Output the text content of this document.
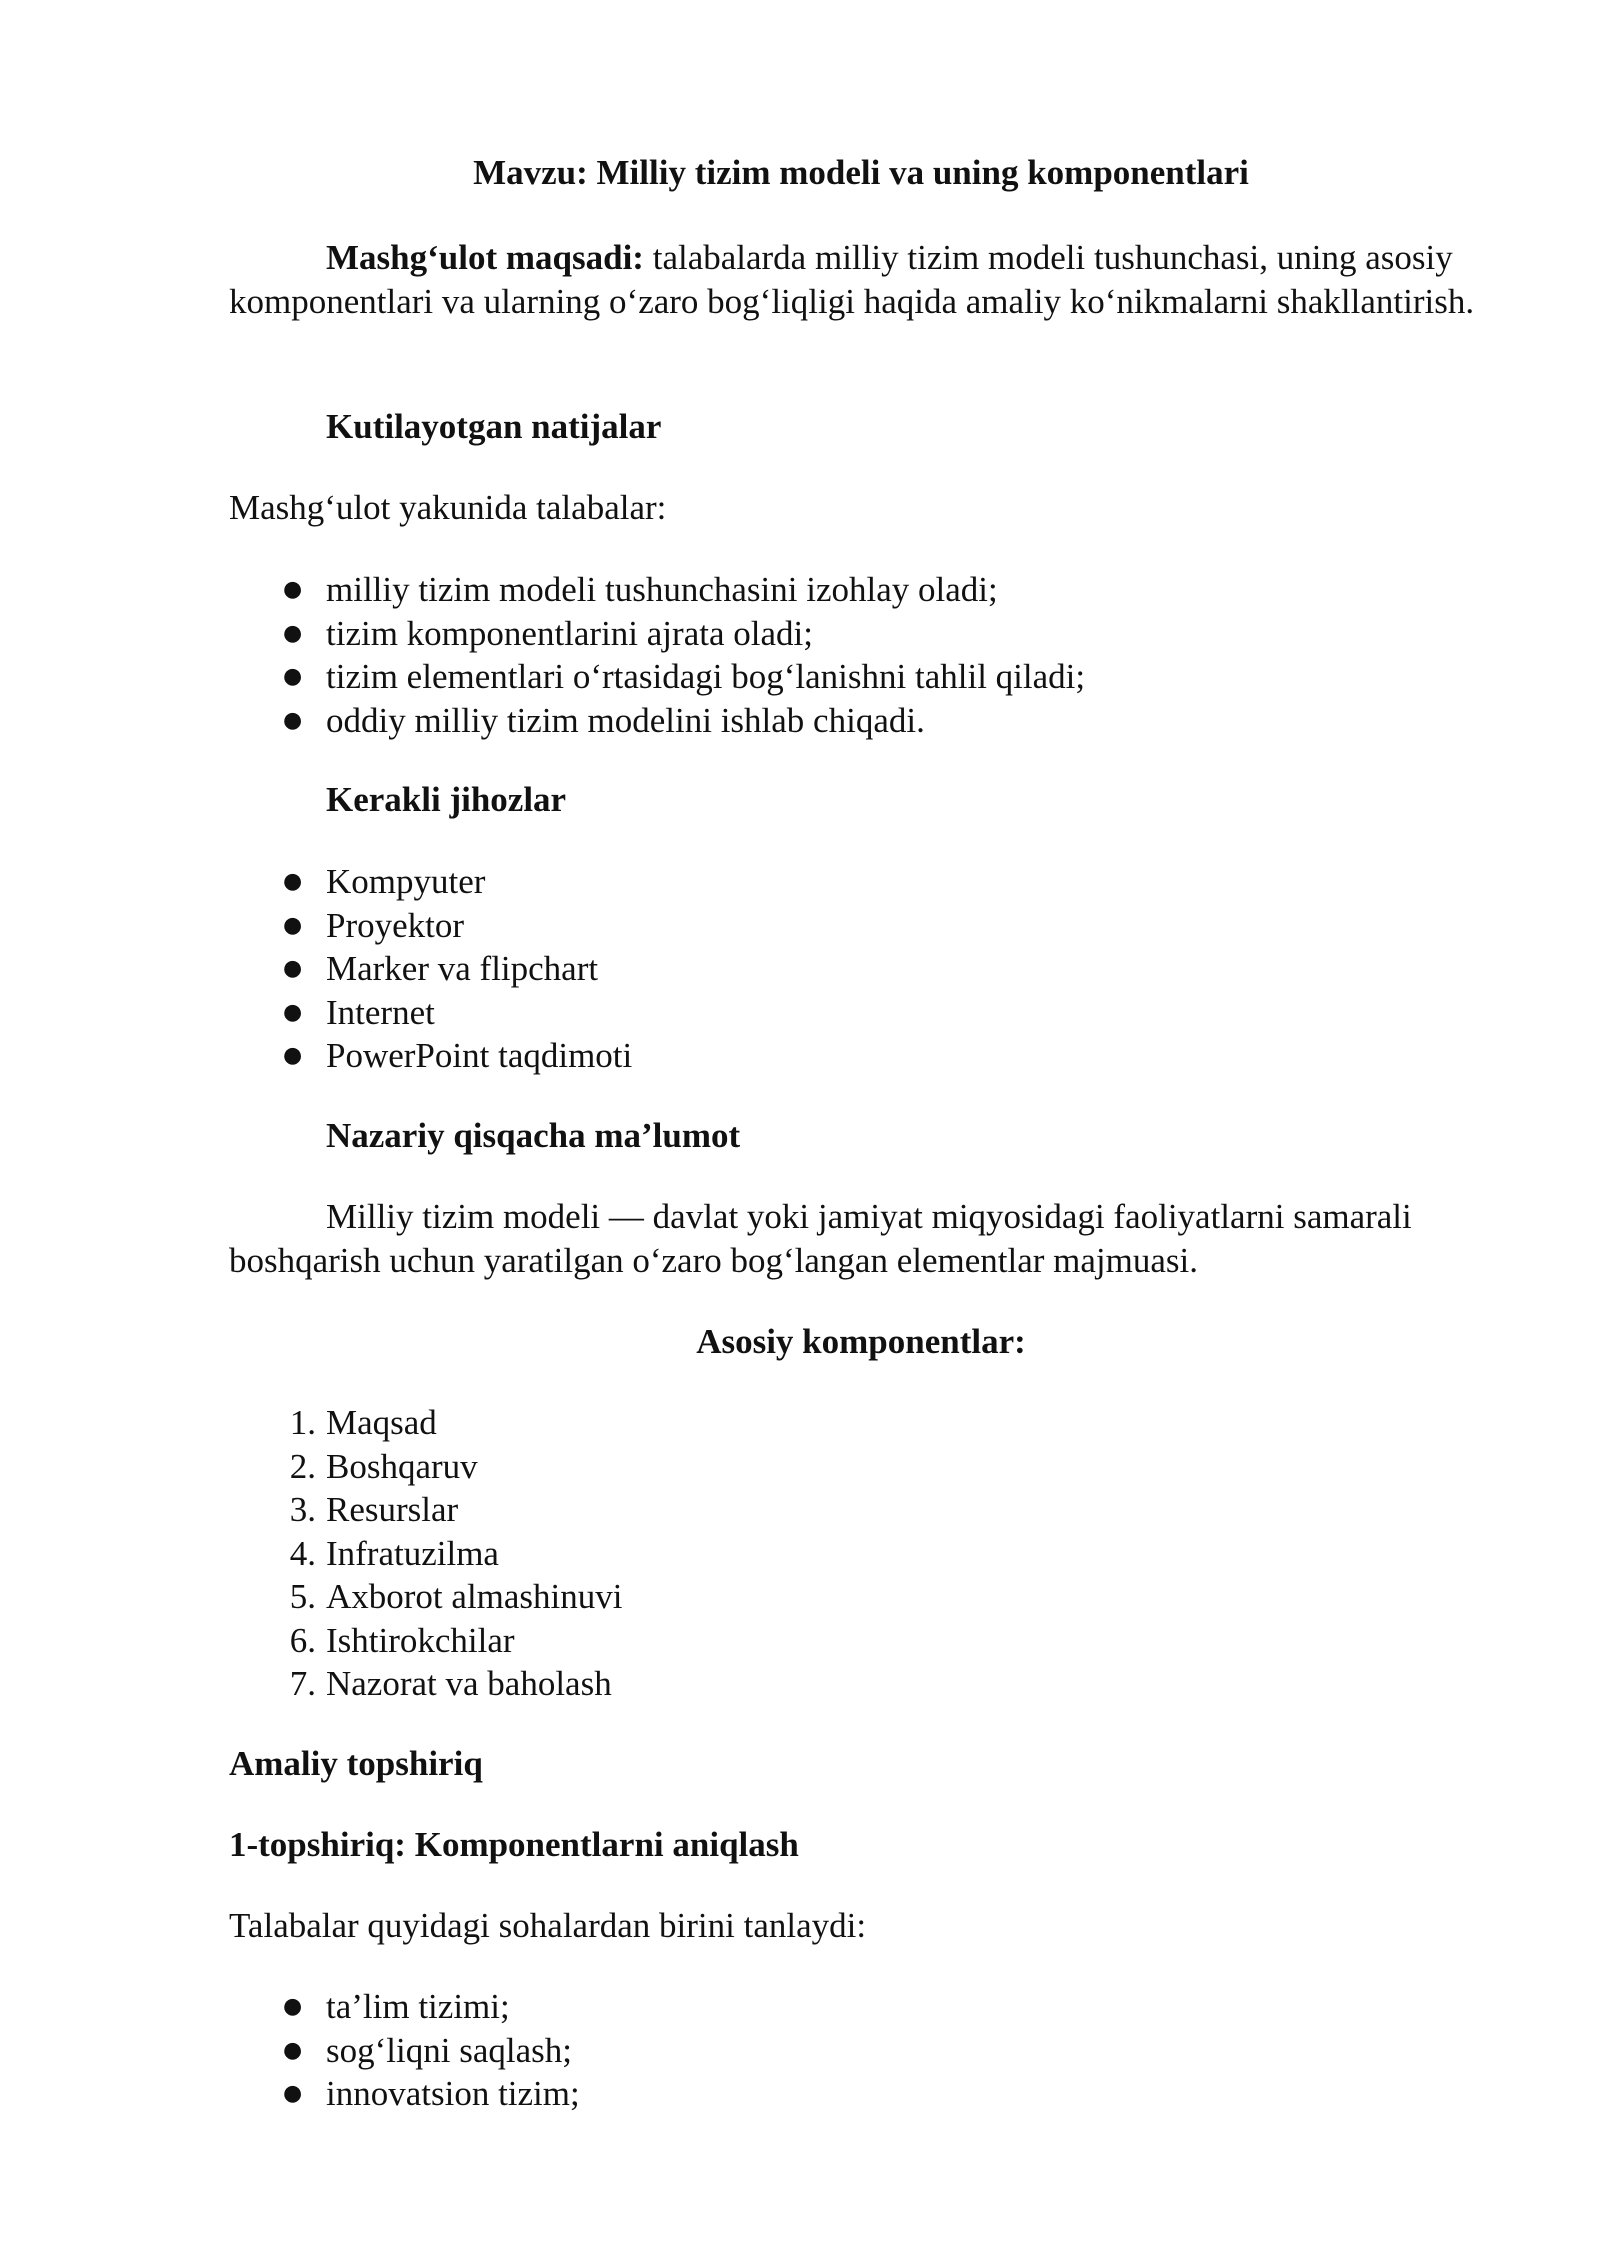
Mavzu: Milliy tizim modeli va uning komponentlari

Mashg‘ulot maqsadi: talabalarda milliy tizim modeli tushunchasi, uning asosiy komponentlari va ularning o‘zaro bog‘liqligi haqida amaliy ko‘nikmalarni shakllantirish.

Kutilayotgan natijalar

Mashg‘ulot yakunida talabalar:

● milliy tizim modeli tushunchasini izohlay oladi;
● tizim komponentlarini ajrata oladi;
● tizim elementlari o‘rtasidagi bog‘lanishni tahlil qiladi;
● oddiy milliy tizim modelini ishlab chiqadi.
Kerakli jihozlar
● Kompyuter
● Proyektor
● Marker va flipchart
● Internet
● PowerPoint taqdimoti
Nazariy qisqacha ma’lumot

Milliy tizim modeli — davlat yoki jamiyat miqyosidagi faoliyatlarni samarali boshqarish uchun yaratilgan o‘zaro bog‘langan elementlar majmuasi.

Asosiy komponentlar:
1. Maqsad
2. Boshqaruv
3. Resurslar
4. Infratuzilma
5. Axborot almashinuvi
6. Ishtirokchilar
7. Nazorat va baholash
Amaliy topshiriq
1-topshiriq: Komponentlarni aniqlash

Talabalar quyidagi sohalardan birini tanlaydi:

● ta’lim tizimi;
● sog‘liqni saqlash;
● innovatsion tizim;
